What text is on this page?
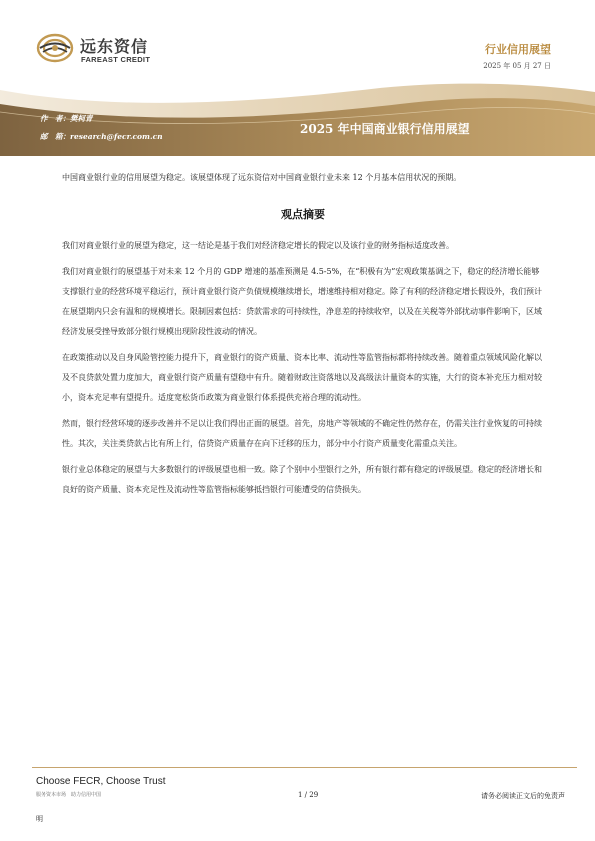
远东资信
FAREAST CREDIT
行业信用展望
2025 年 05 月 27 日
作　者：樊柯青
邮　箱：research@fecr.com.cn
2025 年中国商业银行信用展望

中国商业银行业的信用展望为稳定。该展望体现了远东资信对中国商业银行业未来 12 个月基本信用状况的预期。

观点摘要

我们对商业银行业的展望为稳定，这一结论是基于我们对经济稳定增长的假定以及该行业的财务指标适度改善。

我们对商业银行的展望基于对未来 12 个月的 GDP 增速的基准预测是 4.5-5%，在“积极有为”宏观政策基调之下，稳定的经济增长能够支撑银行业的经营环境平稳运行，预计商业银行资产负债规模继续增长，增速维持相对稳定。除了有利的经济稳定增长假设外，我们预计在展望期内只会有温和的规模增长。限制因素包括：贷款需求的可持续性，净息差的持续收窄，以及在关税等外部扰动事件影响下，区域经济发展受挫导致部分银行规模出现阶段性波动的情况。

在政策推动以及自身风险管控能力提升下，商业银行的资产质量、资本比率、流动性等监管指标都将持续改善。随着重点领域风险化解以及不良贷款处置力度加大，商业银行资产质量有望稳中有升。随着财政注资落地以及高级法计量资本的实施，大行的资本补充压力相对较小，资本充足率有望提升。适度宽松货币政策为商业银行体系提供充裕合理的流动性。

然而，银行经营环境的逐步改善并不足以让我们得出正面的展望。首先，房地产等领域的不确定性仍然存在，仍需关注行业恢复的可持续性。其次，关注类贷款占比有所上行，信贷资产质量存在向下迁移的压力，部分中小行资产质量变化需重点关注。

银行业总体稳定的展望与大多数银行的评级展望也相一致。除了个别中小型银行之外，所有银行都有稳定的评级展望。稳定的经济增长和良好的资产质量、资本充足性及流动性等监管指标能够抵挡银行可能遭受的信贷损失。

Choose FECR, Choose Trust
服务资本市场　助力信用中国	1 / 29	请务必阅读正文后的免责声
明
